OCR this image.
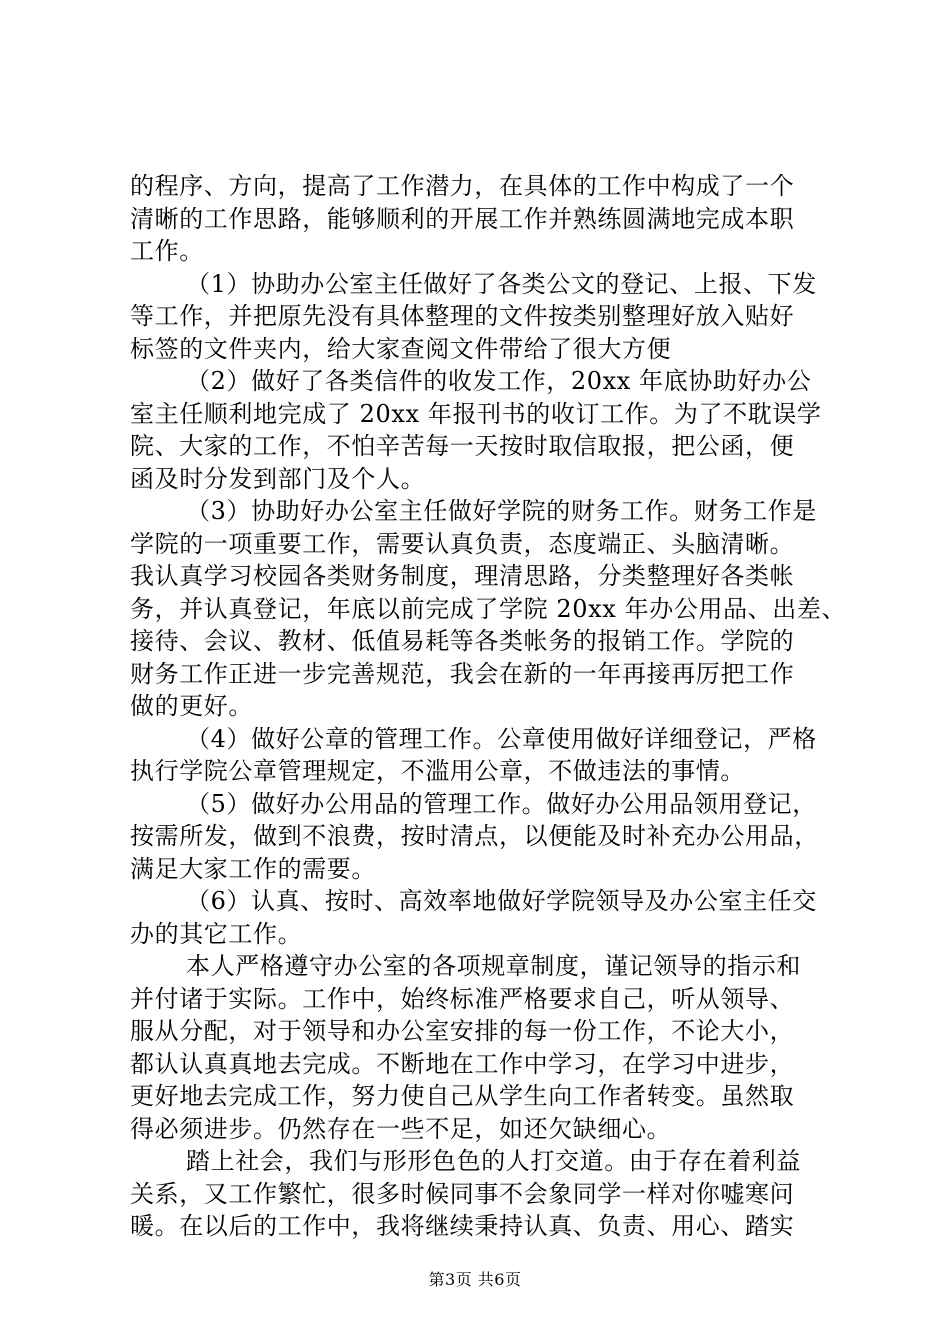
的程序、方向，提高了工作潜力，在具体的工作中构成了一个
清晰的工作思路，能够顺利的开展工作并熟练圆满地完成本职
工作。
（1）协助办公室主任做好了各类公文的登记、上报、下发
等工作，并把原先没有具体整理的文件按类别整理好放入贴好
标签的文件夹内，给大家查阅文件带给了很大方便
（2）做好了各类信件的收发工作，20xx 年底协助好办公
室主任顺利地完成了 20xx 年报刊书的收订工作。为了不耽误学
院、大家的工作，不怕辛苦每一天按时取信取报，把公函，便
函及时分发到部门及个人。
（3）协助好办公室主任做好学院的财务工作。财务工作是
学院的一项重要工作，需要认真负责，态度端正、头脑清晰。
我认真学习校园各类财务制度，理清思路，分类整理好各类帐
务，并认真登记，年底以前完成了学院 20xx 年办公用品、出差、
接待、会议、教材、低值易耗等各类帐务的报销工作。学院的
财务工作正进一步完善规范，我会在新的一年再接再厉把工作
做的更好。
（4）做好公章的管理工作。公章使用做好详细登记，严格
执行学院公章管理规定，不滥用公章，不做违法的事情。
（5）做好办公用品的管理工作。做好办公用品领用登记，
按需所发，做到不浪费，按时清点，以便能及时补充办公用品，
满足大家工作的需要。
（6）认真、按时、高效率地做好学院领导及办公室主任交
办的其它工作。
本人严格遵守办公室的各项规章制度，谨记领导的指示和
并付诸于实际。工作中，始终标准严格要求自己，听从领导、
服从分配，对于领导和办公室安排的每一份工作，不论大小，
都认认真真地去完成。不断地在工作中学习，在学习中进步，
更好地去完成工作，努力使自己从学生向工作者转变。虽然取
得必须进步。仍然存在一些不足，如还欠缺细心。
踏上社会，我们与形形色色的人打交道。由于存在着利益
关系，又工作繁忙，很多时候同事不会象同学一样对你嘘寒问
暖。在以后的工作中，我将继续秉持认真、负责、用心、踏实
第3页 共6页
